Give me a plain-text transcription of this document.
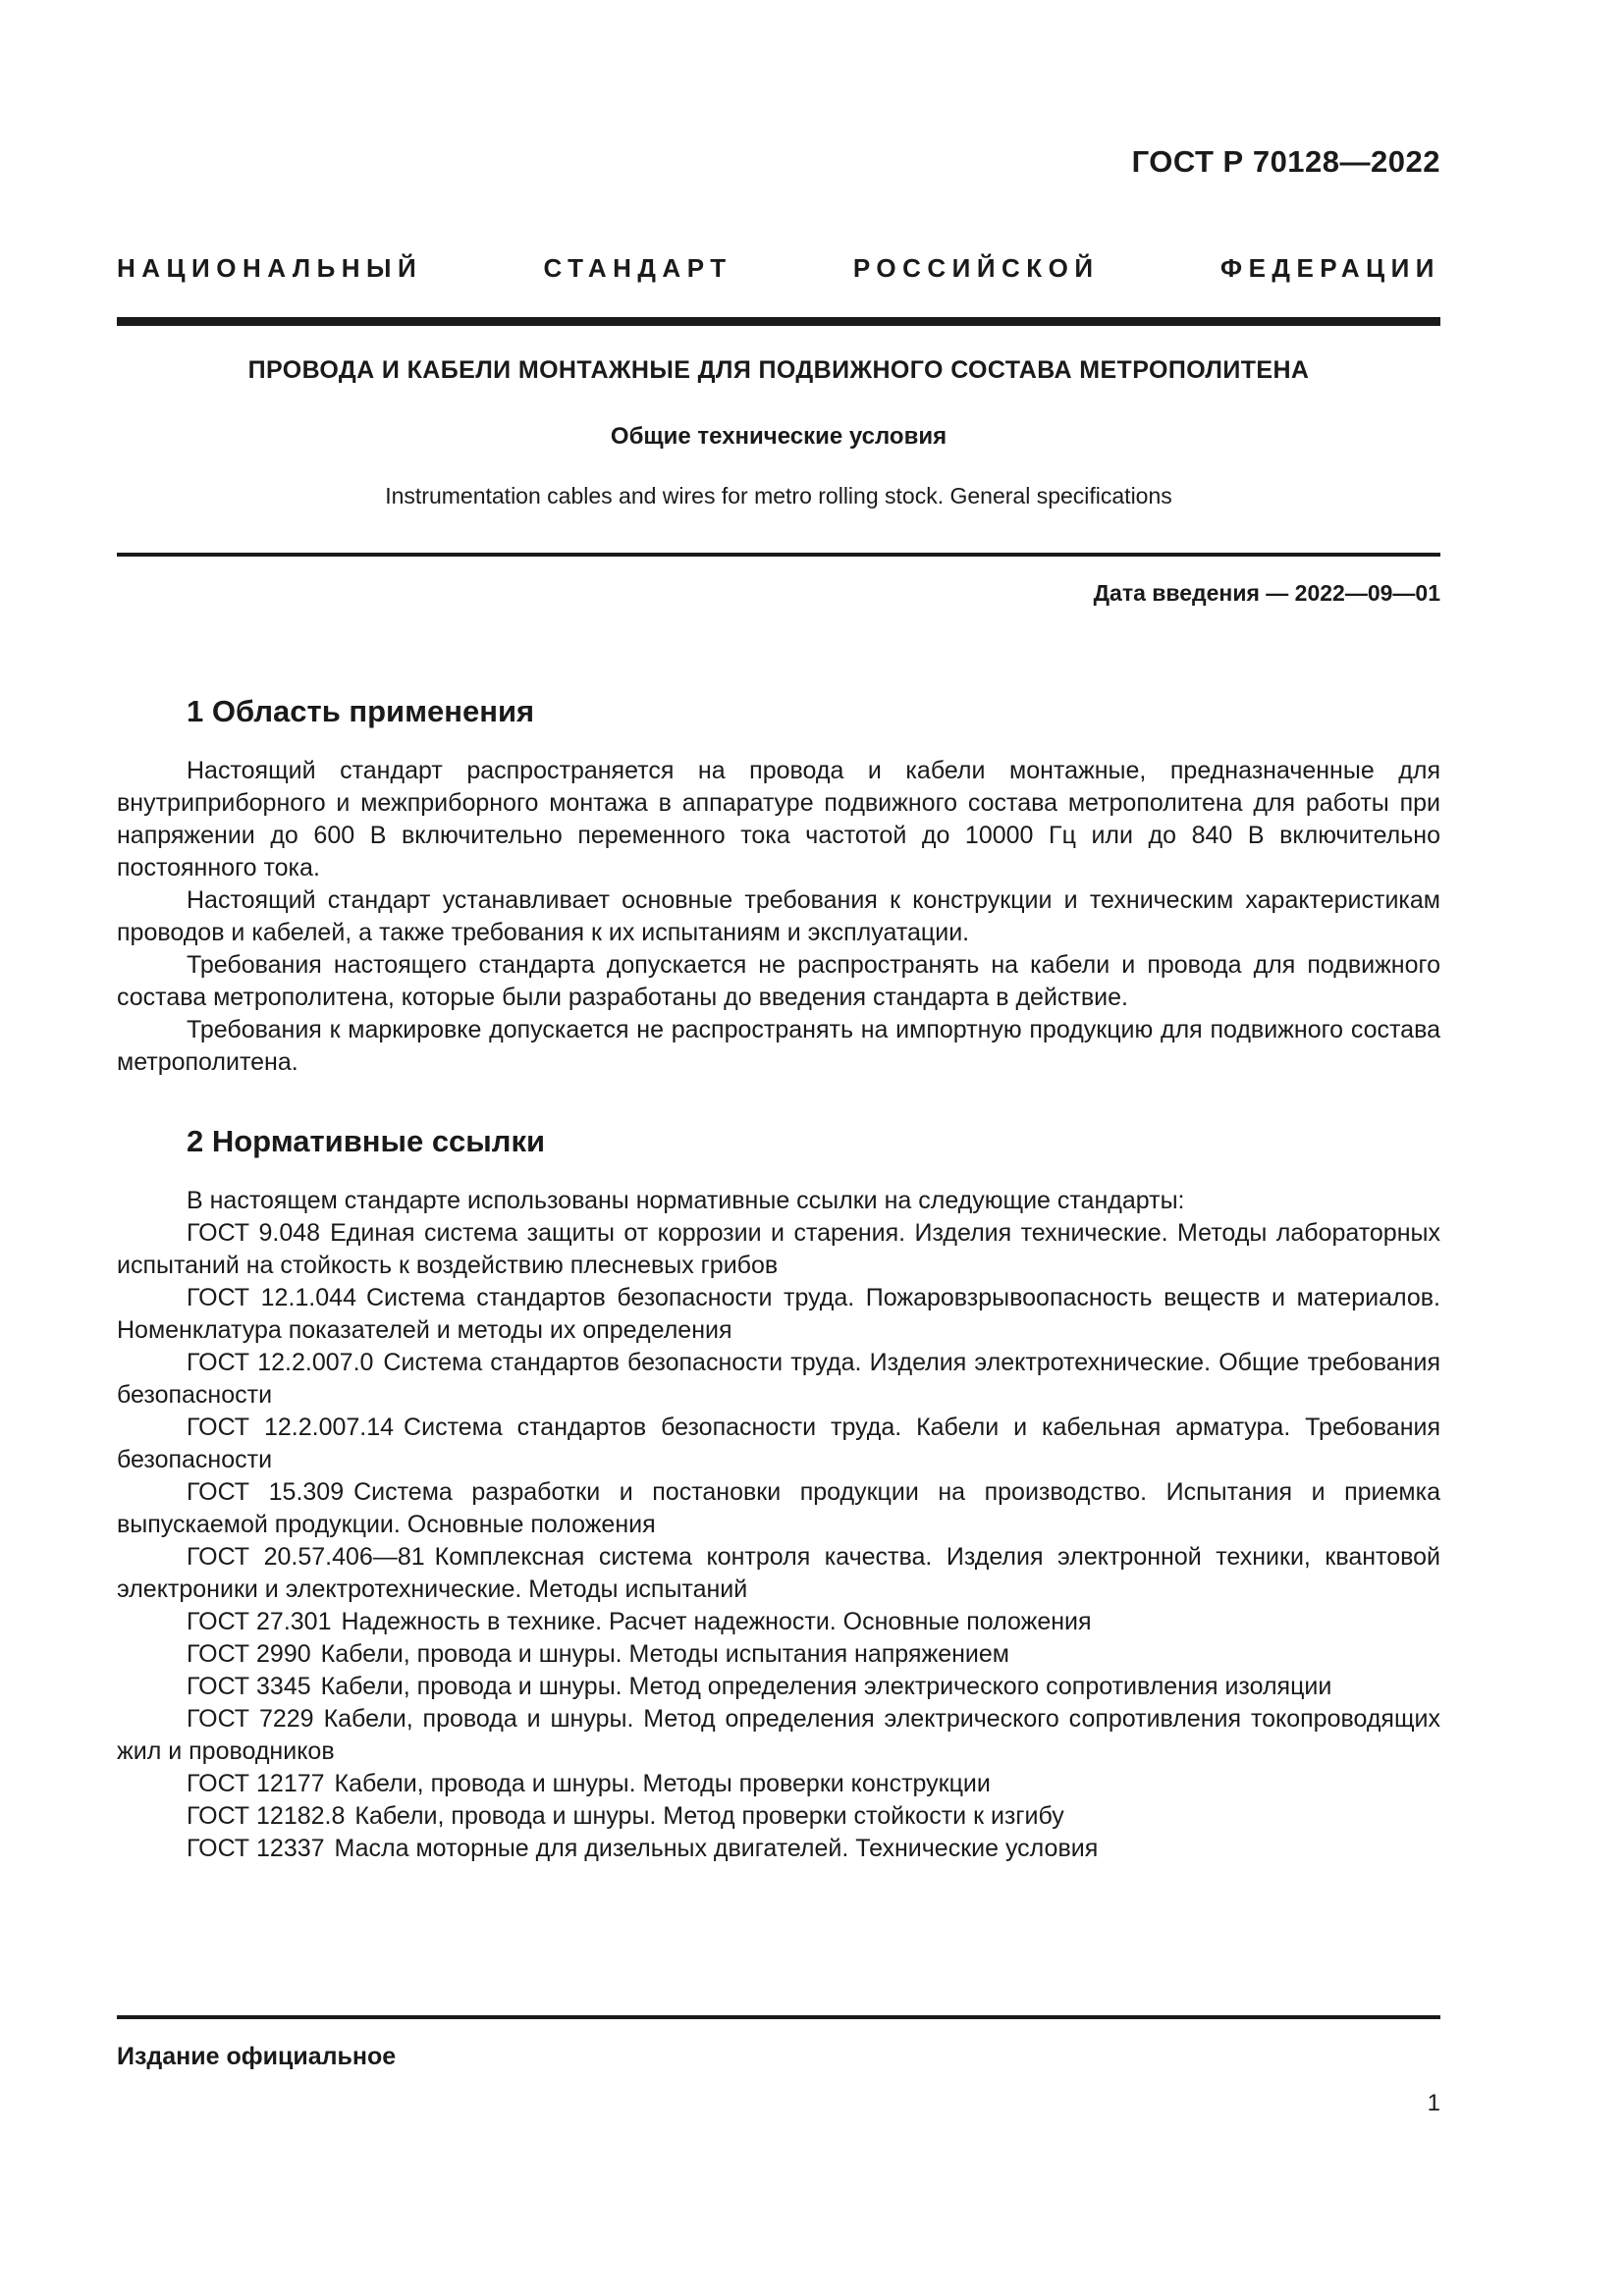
ГОСТ Р 70128—2022
НАЦИОНАЛЬНЫЙ СТАНДАРТ РОССИЙСКОЙ ФЕДЕРАЦИИ
ПРОВОДА И КАБЕЛИ МОНТАЖНЫЕ ДЛЯ ПОДВИЖНОГО СОСТАВА МЕТРОПОЛИТЕНА
Общие технические условия
Instrumentation cables and wires for metro rolling stock. General specifications
Дата введения — 2022—09—01
1 Область применения

Настоящий стандарт распространяется на провода и кабели монтажные, предназначенные для внутриприборного и межприборного монтажа в аппаратуре подвижного состава метрополитена для работы при напряжении до 600 В включительно переменного тока частотой до 10000 Гц или до 840 В включительно постоянного тока.

Настоящий стандарт устанавливает основные требования к конструкции и техническим характеристикам проводов и кабелей, а также требования к их испытаниям и эксплуатации.

Требования настоящего стандарта допускается не распространять на кабели и провода для подвижного состава метрополитена, которые были разработаны до введения стандарта в действие.

Требования к маркировке допускается не распространять на импортную продукцию для подвижного состава метрополитена.

2 Нормативные ссылки

В настоящем стандарте использованы нормативные ссылки на следующие стандарты:

ГОСТ 9.048 Единая система защиты от коррозии и старения. Изделия технические. Методы лабораторных испытаний на стойкость к воздействию плесневых грибов

ГОСТ 12.1.044 Система стандартов безопасности труда. Пожаровзрывоопасность веществ и материалов. Номенклатура показателей и методы их определения

ГОСТ 12.2.007.0 Система стандартов безопасности труда. Изделия электротехнические. Общие требования безопасности

ГОСТ 12.2.007.14 Система стандартов безопасности труда. Кабели и кабельная арматура. Требования безопасности

ГОСТ 15.309 Система разработки и постановки продукции на производство. Испытания и приемка выпускаемой продукции. Основные положения

ГОСТ 20.57.406—81 Комплексная система контроля качества. Изделия электронной техники, квантовой электроники и электротехнические. Методы испытаний

ГОСТ 27.301 Надежность в технике. Расчет надежности. Основные положения

ГОСТ 2990 Кабели, провода и шнуры. Методы испытания напряжением

ГОСТ 3345 Кабели, провода и шнуры. Метод определения электрического сопротивления изоляции

ГОСТ 7229 Кабели, провода и шнуры. Метод определения электрического сопротивления токопроводящих жил и проводников

ГОСТ 12177 Кабели, провода и шнуры. Методы проверки конструкции

ГОСТ 12182.8 Кабели, провода и шнуры. Метод проверки стойкости к изгибу

ГОСТ 12337 Масла моторные для дизельных двигателей. Технические условия

Издание официальное
1
